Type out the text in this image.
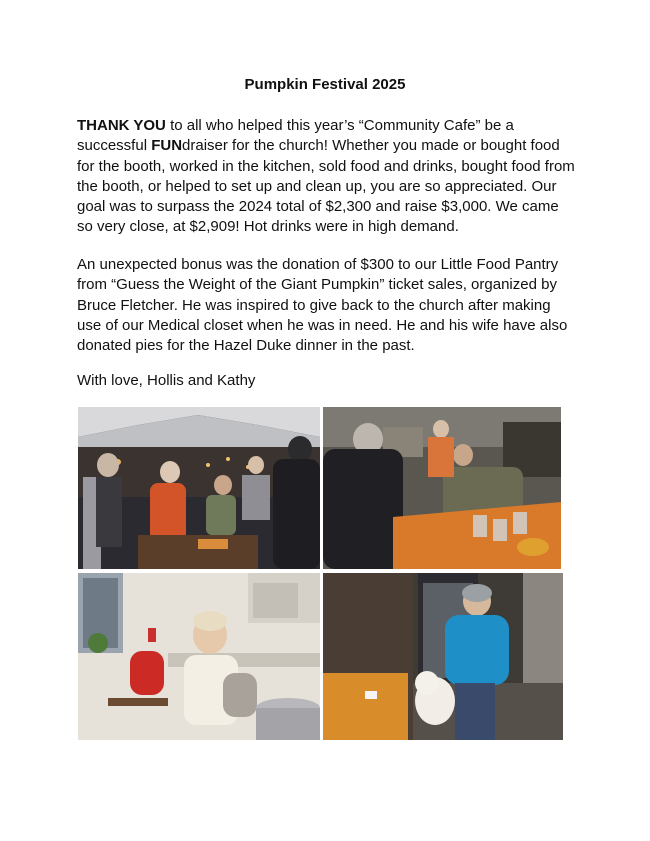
Pumpkin Festival 2025
THANK YOU to all who helped this year’s “Community Cafe” be a successful FUNdraiser for the church! Whether you made or bought food for the booth, worked in the kitchen, sold food and drinks, bought food from the booth, or helped to set up and clean up, you are so appreciated. Our goal was to surpass the 2024 total of $2,300 and raise $3,000. We came so very close, at $2,909! Hot drinks were in high demand.
An unexpected bonus was the donation of $300 to our Little Food Pantry from “Guess the Weight of the Giant Pumpkin” ticket sales, organized by Bruce Fletcher. He was inspired to give back to the church after making use of our Medical closet when he was in need. He and his wife have also donated pies for the Hazel Duke dinner in the past.
With love, Hollis and Kathy
